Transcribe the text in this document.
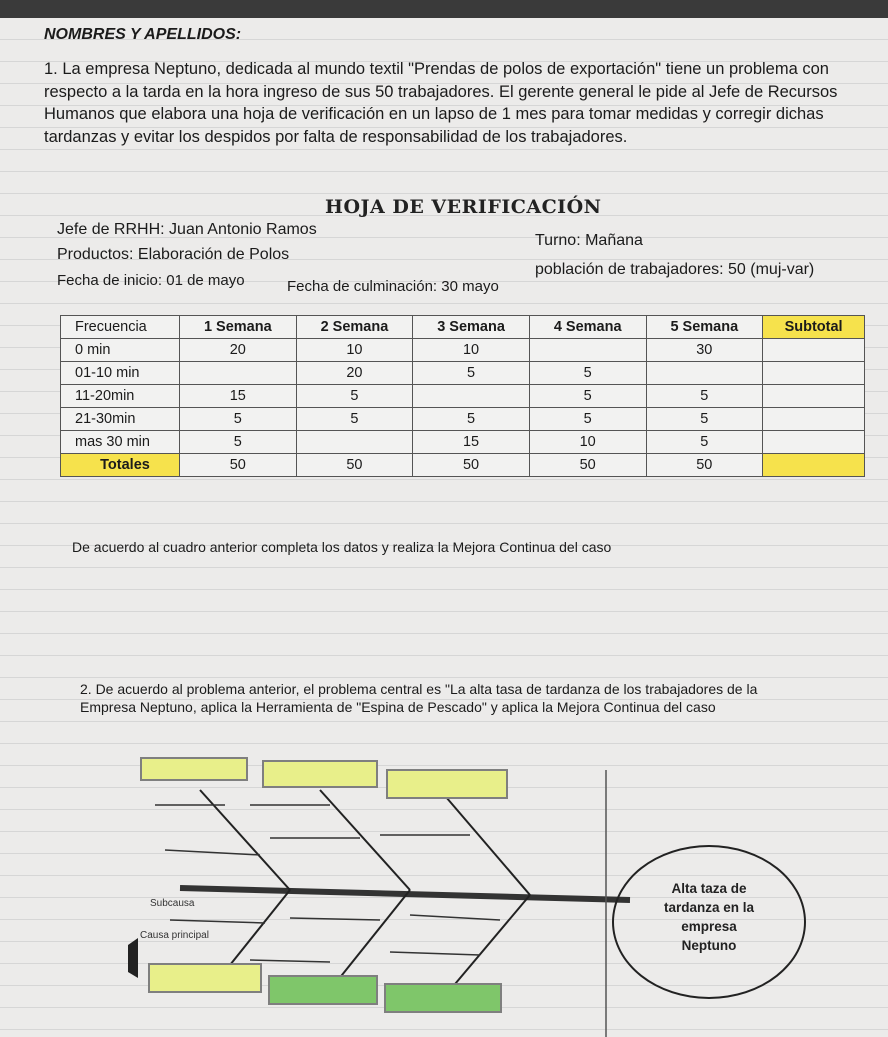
NOMBRES Y APELLIDOS:
1. La empresa Neptuno, dedicada al mundo textil "Prendas de polos de exportación" tiene un problema con respecto a la tarda en la hora ingreso de sus 50 trabajadores. El gerente general le pide al Jefe de Recursos Humanos que elabora una hoja de verificación en un lapso de 1 mes para tomar medidas y corregir dichas tardanzas y evitar los despidos por falta de responsabilidad de los trabajadores.
HOJA DE VERIFICACIÓN
Jefe de RRHH: Juan Antonio Ramos
Turno: Mañana
Productos: Elaboración de Polos
población de trabajadores: 50 (muj-var)
Fecha de inicio: 01 de mayo	Fecha de culminación: 30 mayo
Frecuencia	1 Semana	2 Semana	3 Semana	4 Semana	5 Semana	Subtotal
0 min	20	10	10		30	
01-10 min		20	5	5		
11-20min	15	5		5	5	
21-30min	5	5	5	5	5	
mas 30 min	5		15	10	5	
Totales	50	50	50	50	50	
De acuerdo al cuadro anterior completa los datos y realiza la Mejora Continua del caso
2. De acuerdo al problema anterior, el problema central es "La alta tasa de tardanza de los trabajadores de la Empresa Neptuno, aplica la Herramienta de "Espina de Pescado" y aplica la Mejora Continua del caso
Subcausa
Causa principal
Alta taza de
tardanza en la
empresa
Neptuno
